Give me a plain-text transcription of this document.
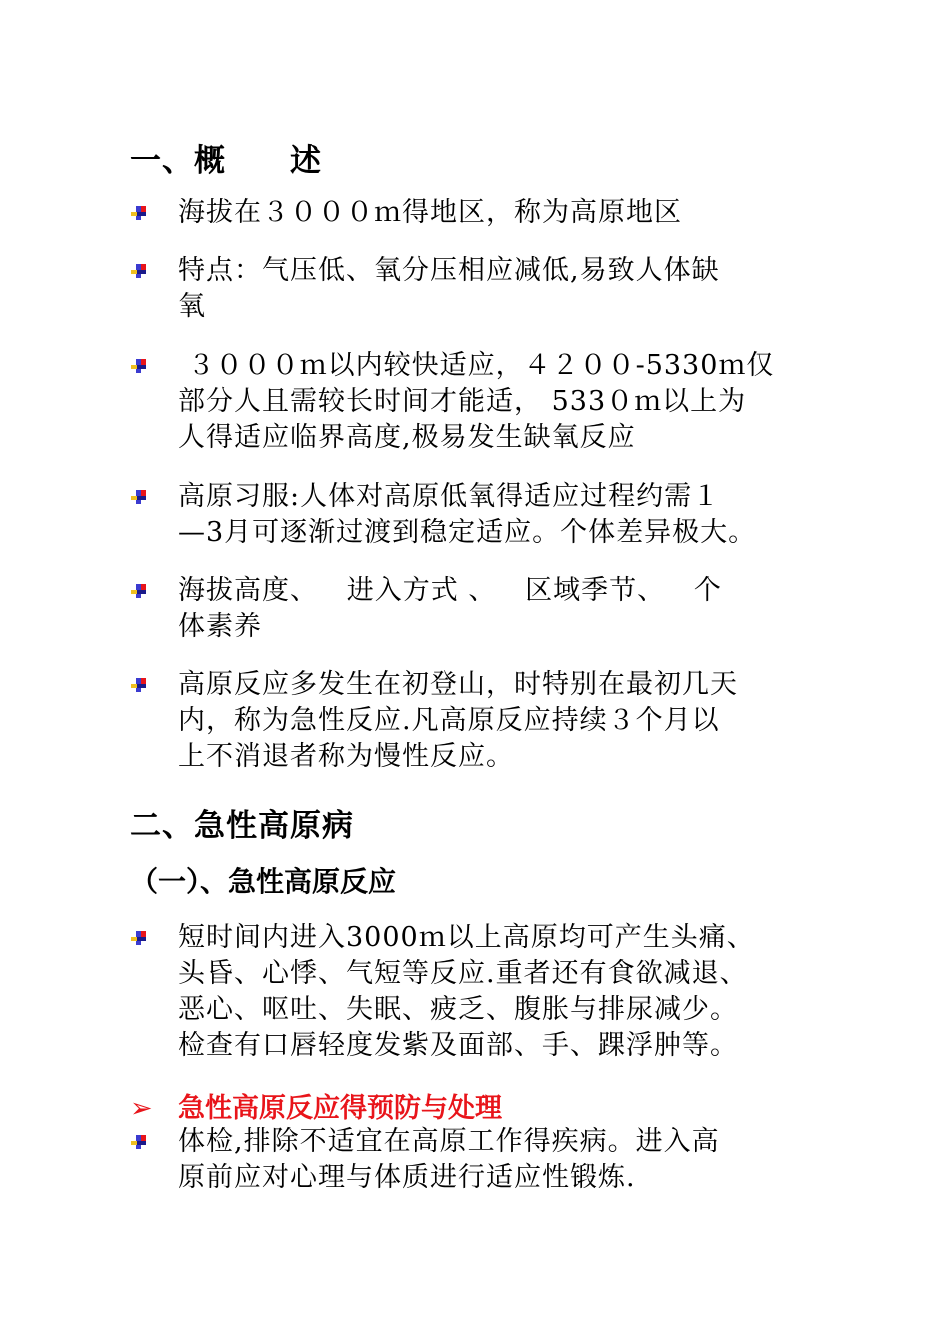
一、概　　述
海拔在３０００ｍ得地区，称为高原地区
特点：气压低、氧分压相应减低,易致人体缺
氧
３０００ｍ以内较快适应，４２００-5330ｍ仅
部分人且需较长时间才能适， 533０ｍ以上为
人得适应临界高度,极易发生缺氧反应
高原习服:人体对高原低氧得适应过程约需１
—3月可逐渐过渡到稳定适应。个体差异极大。
海拔高度、   进入方式 、   区域季节、   个
体素养
高原反应多发生在初登山，时特别在最初几天
内，称为急性反应.凡高原反应持续３个月以
上不消退者称为慢性反应。
二、急性高原病
（一）、急性高原反应
短时间内进入3000ｍ以上高原均可产生头痛、
头昏、心悸、气短等反应.重者还有食欲减退、
恶心、呕吐、失眠、疲乏、腹胀与排尿减少。
检查有口唇轻度发紫及面部、手、踝浮肿等。
➢ 急性高原反应得预防与处理
体检,排除不适宜在高原工作得疾病。进入高
原前应对心理与体质进行适应性锻炼.
